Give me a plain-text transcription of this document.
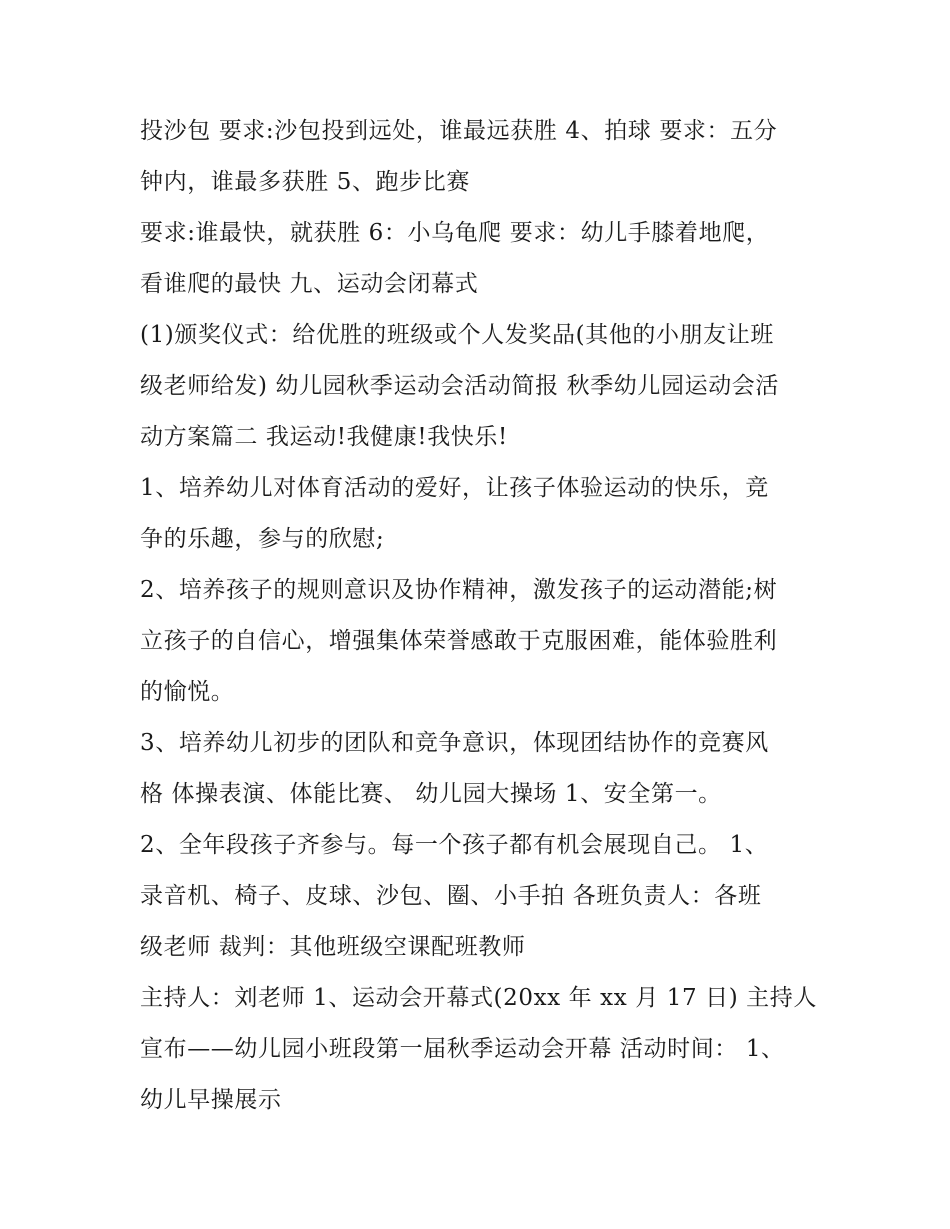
投沙包 要求:沙包投到远处，谁最远获胜 4、拍球 要求：五分
钟内，谁最多获胜 5、跑步比赛
要求:谁最快，就获胜 6：小乌龟爬 要求：幼儿手膝着地爬，
看谁爬的最快 九、运动会闭幕式
(1)颁奖仪式：给优胜的班级或个人发奖品(其他的小朋友让班
级老师给发) 幼儿园秋季运动会活动简报 秋季幼儿园运动会活
动方案篇二 我运动!我健康!我快乐!
1、培养幼儿对体育活动的爱好，让孩子体验运动的快乐，竞
争的乐趣，参与的欣慰;
2、培养孩子的规则意识及协作精神，激发孩子的运动潜能;树
立孩子的自信心，增强集体荣誉感敢于克服困难，能体验胜利
的愉悦。
3、培养幼儿初步的团队和竞争意识，体现团结协作的竞赛风
格 体操表演、体能比赛、 幼儿园大操场 1、安全第一。
2、全年段孩子齐参与。每一个孩子都有机会展现自己。 1、
录音机、椅子、皮球、沙包、圈、小手拍 各班负责人：各班
级老师 裁判：其他班级空课配班教师
主持人：刘老师 1、运动会开幕式(20xx 年 xx 月 17 日) 主持人
宣布——幼儿园小班段第一届秋季运动会开幕 活动时间： 1、
幼儿早操展示
